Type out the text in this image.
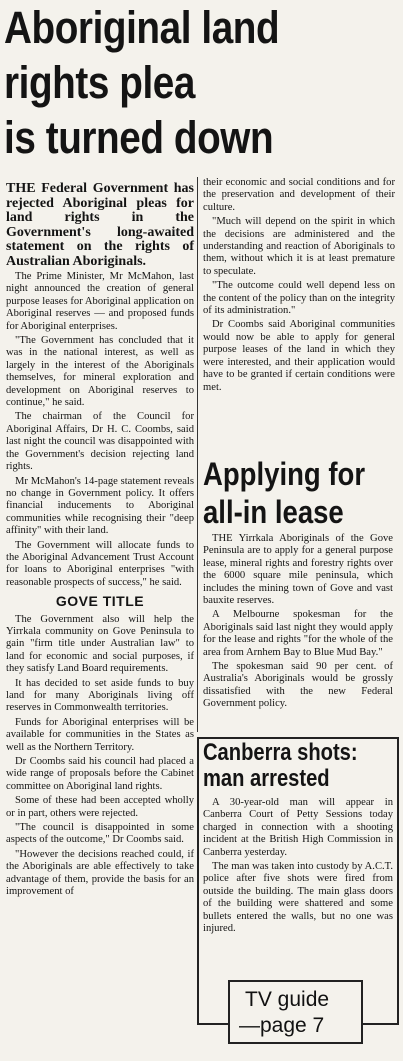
Aboriginal land
rights plea
is turned down

THE Federal Government has rejected Aboriginal pleas for land rights in the Government's long-awaited statement on the rights of Australian Aboriginals.

The Prime Minister, Mr McMahon, last night announced the creation of general purpose leases for Aboriginal application on Aboriginal reserves — and proposed funds for Aboriginal enterprises.

"The Government has concluded that it was in the national interest, as well as largely in the interest of the Aboriginals themselves, for mineral exploration and development on Aboriginal reserves to continue," he said.

The chairman of the Council for Aboriginal Affairs, Dr H. C. Coombs, said last night the council was disappointed with the Government's decision rejecting land rights.

Mr McMahon's 14-page statement reveals no change in Government policy. It offers financial inducements to Aboriginal communities while recognising their "deep affinity" with their land.

The Government will allocate funds to the Aboriginal Advancement Trust Account for loans to Aboriginal enterprises "with reasonable prospects of success," he said.

GOVE TITLE

The Government also will help the Yirrkala community on Gove Peninsula to gain "firm title under Australian law" to land for economic and social purposes, if they satisfy Land Board requirements.

It has decided to set aside funds to buy land for many Aboriginals living off reserves in Commonwealth territories.

Funds for Aboriginal enterprises will be available for communities in the States as well as the Northern Territory.

Dr Coombs said his council had placed a wide range of proposals before the Cabinet committee on Aboriginal land rights.

Some of these had been accepted wholly or in part, others were rejected.

"The council is disappointed in some aspects of the outcome," Dr Coombs said.

"However the decisions reached could, if the Aboriginals are able effectively to take advantage of them, provide the basis for an improvement of

their economic and social conditions and for the preservation and development of their culture.

"Much will depend on the spirit in which the decisions are administered and the understanding and reaction of Aboriginals to them, without which it is at least premature to speculate.

"The outcome could well depend less on the content of the policy than on the integrity of its administration."

Dr Coombs said Aboriginal communities would now be able to apply for general purpose leases of the land in which they were interested, and their application would have to be granted if certain conditions were met.

Applying for
all-in lease

THE Yirrkala Aboriginals of the Gove Peninsula are to apply for a general purpose lease, mineral rights and forestry rights over the 6000 square mile peninsula, which includes the mining town of Gove and vast bauxite reserves.

A Melbourne spokesman for the Aboriginals said last night they would apply for the lease and rights "for the whole of the area from Arnhem Bay to Blue Mud Bay."

The spokesman said 90 per cent. of Australia's Aboriginals would be grossly dissatisfied with the new Federal Government policy.

Canberra shots:
man arrested

A 30-year-old man will appear in Canberra Court of Petty Sessions today charged in connection with a shooting incident at the British High Commission in Canberra yesterday.

The man was taken into custody by A.C.T. police after five shots were fired from outside the building. The main glass doors of the building were shattered and some bullets entered the walls, but no one was injured.

TV guide
—page 7
